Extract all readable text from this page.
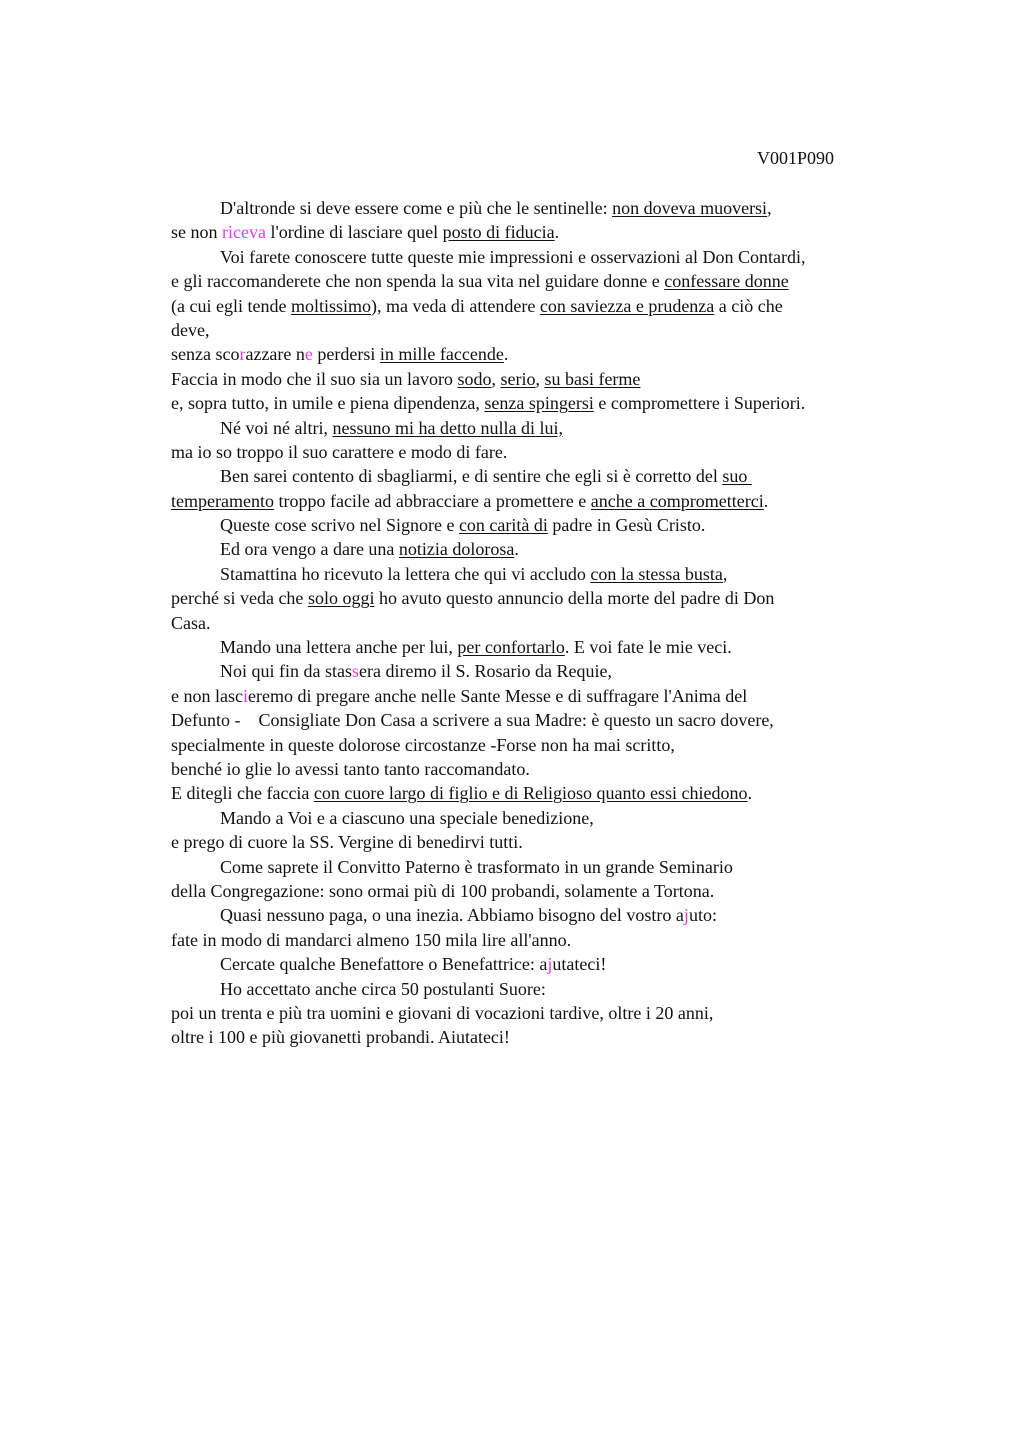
V001P090
D'altronde si deve essere come e più che le sentinelle: non doveva muoversi,
se non riceva l'ordine di lasciare quel posto di fiducia.
Voi farete conoscere tutte queste mie impressioni e osservazioni al Don Contardi,
e gli raccomanderete che non spenda la sua vita nel guidare donne e confessare donne
(a cui egli tende moltissimo), ma veda di attendere con saviezza e prudenza a ciò che
deve,
senza scorazzare ne perdersi in mille faccende.
Faccia in modo che il suo sia un lavoro sodo, serio, su basi ferme
e, sopra tutto, in umile e piena dipendenza, senza spingersi e compromettere i Superiori.
Né voi né altri, nessuno mi ha detto nulla di lui,
ma io so troppo il suo carattere e modo di fare.
Ben sarei contento di sbagliarmi, e di sentire che egli si è corretto del suo
temperamento troppo facile ad abbracciare a promettere e anche a comprometterci.
Queste cose scrivo nel Signore e con carità di padre in Gesù Cristo.
Ed ora vengo a dare una notizia dolorosa.
Stamattina ho ricevuto la lettera che qui vi accludo con la stessa busta,
perché si veda che solo oggi ho avuto questo annuncio della morte del padre di Don
Casa.
Mando una lettera anche per lui, per confortarlo. E voi fate le mie veci.
Noi qui fin da stassera diremo il S. Rosario da Requie,
e non lascieremo di pregare anche nelle Sante Messe e di suffragare l'Anima del
Defunto -    Consigliate Don Casa a scrivere a sua Madre: è questo un sacro dovere,
specialmente in queste dolorose circostanze -Forse non ha mai scritto,
benché io glie lo avessi tanto tanto raccomandato.
E ditegli che faccia con cuore largo di figlio e di Religioso quanto essi chiedono.
Mando a Voi e a ciascuno una speciale benedizione,
e prego di cuore la SS. Vergine di benedirvi tutti.
Come saprete il Convitto Paterno è trasformato in un grande Seminario
della Congregazione: sono ormai più di 100 probandi, solamente a Tortona.
Quasi nessuno paga, o una inezia. Abbiamo bisogno del vostro ajuto:
fate in modo di mandarci almeno 150 mila lire all'anno.
Cercate qualche Benefattore o Benefattrice: ajutateci!
Ho accettato anche circa 50 postulanti Suore:
poi un trenta e più tra uomini e giovani di vocazioni tardive, oltre i 20 anni,
oltre i 100 e più giovanetti probandi. Aiutateci!
